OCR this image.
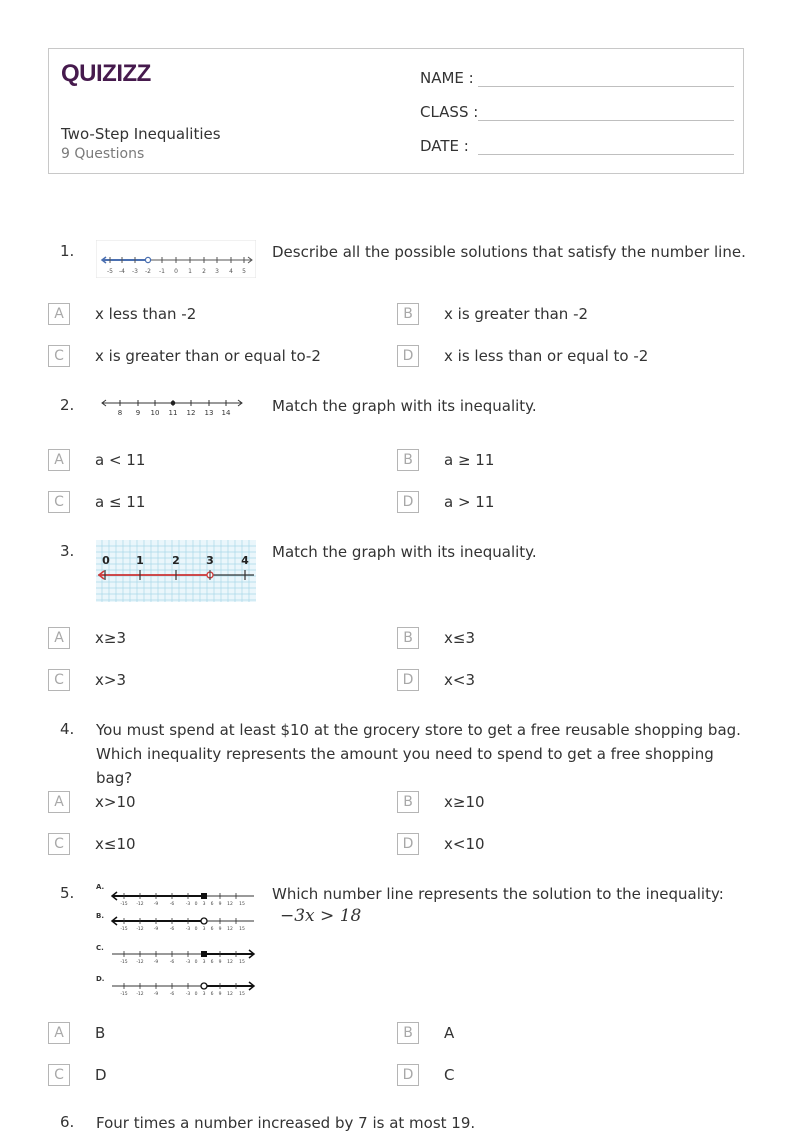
QUIZIZZ
Two-Step Inequalities
9 Questions
NAME :
CLASS :
DATE :
1.
-5 -4 -3 -2 -1 0 1 2 3 4 5
Describe all the possible solutions that satisfy the number line.
A	x less than -2	B	x is greater than -2
C	x is greater than or equal to-2	D	x is less than or equal to -2
2.	8 9 10 11 12 13 14	Match the graph with its inequality.
A	a < 11	B	a ≥ 11
C	a ≤ 11	D	a > 11
3.
0 1	2 3 4 Match the graph with its inequality.
A	x≥3	B	x≤3
C	x>3	D	x<3
4. You must spend at least $10 at the grocery store to get a free reusable shopping bag. Which inequality represents the amount you need to spend to get a free shopping bag?
A	x>10	B	x≥10
C	x≤10	D	x<10
5.	A.
B.
C.
D.
-15 -12 -9	-6	-3 0 3 6 9 12 15
-15 -12 -9	-6	-3 0 3 6 9 12 15
-15 -12 -9	-6	-3 0 3 6 9 12 15
-15 -12 -9	-6	-3 0 3 6 9 12 15
Which number line represents the solution to the inequality:
−3x > 18
A	B	B	A
C	D	D	C
6. Four times a number increased by 7 is at most 19.
